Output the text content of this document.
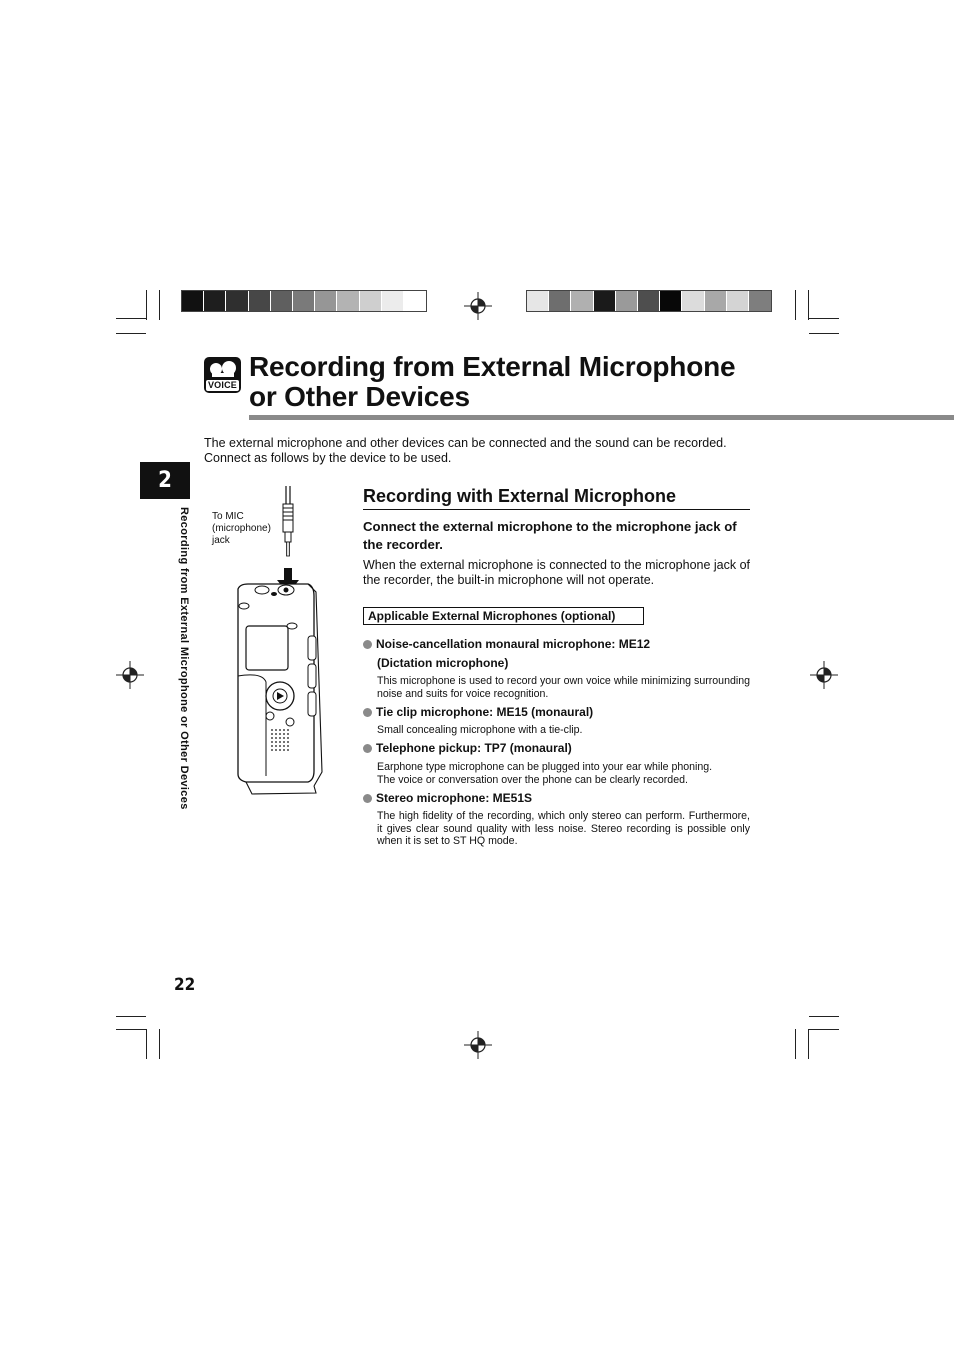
VOICE
Recording from External Microphone
or Other Devices
The external microphone and other devices can be connected and the sound can be recorded.
Connect as follows by the device to be used.
2
Recording from External Microphone or Other Devices To MIC
(microphone)
jack
Recording with External Microphone
Connect the external microphone to the microphone jack of the recorder.
When the external microphone is connected to the microphone jack of the recorder, the built-in microphone will not operate.
Applicable External Microphones (optional)
Noise-cancellation monaural microphone: ME12
(Dictation microphone)
This microphone is used to record your own voice while minimizing surrounding noise and suits for voice recognition.
Tie clip microphone: ME15 (monaural)
Small concealing microphone with a tie-clip.
Telephone pickup: TP7 (monaural)
Earphone type microphone can be plugged into your ear while phoning.
The voice or conversation over the phone can be clearly recorded.
Stereo microphone: ME51S
The high fidelity of the recording, which only stereo can perform. Furthermore, it gives clear sound quality with less noise. Stereo recording is possible only when it is set to ST HQ mode.
22
